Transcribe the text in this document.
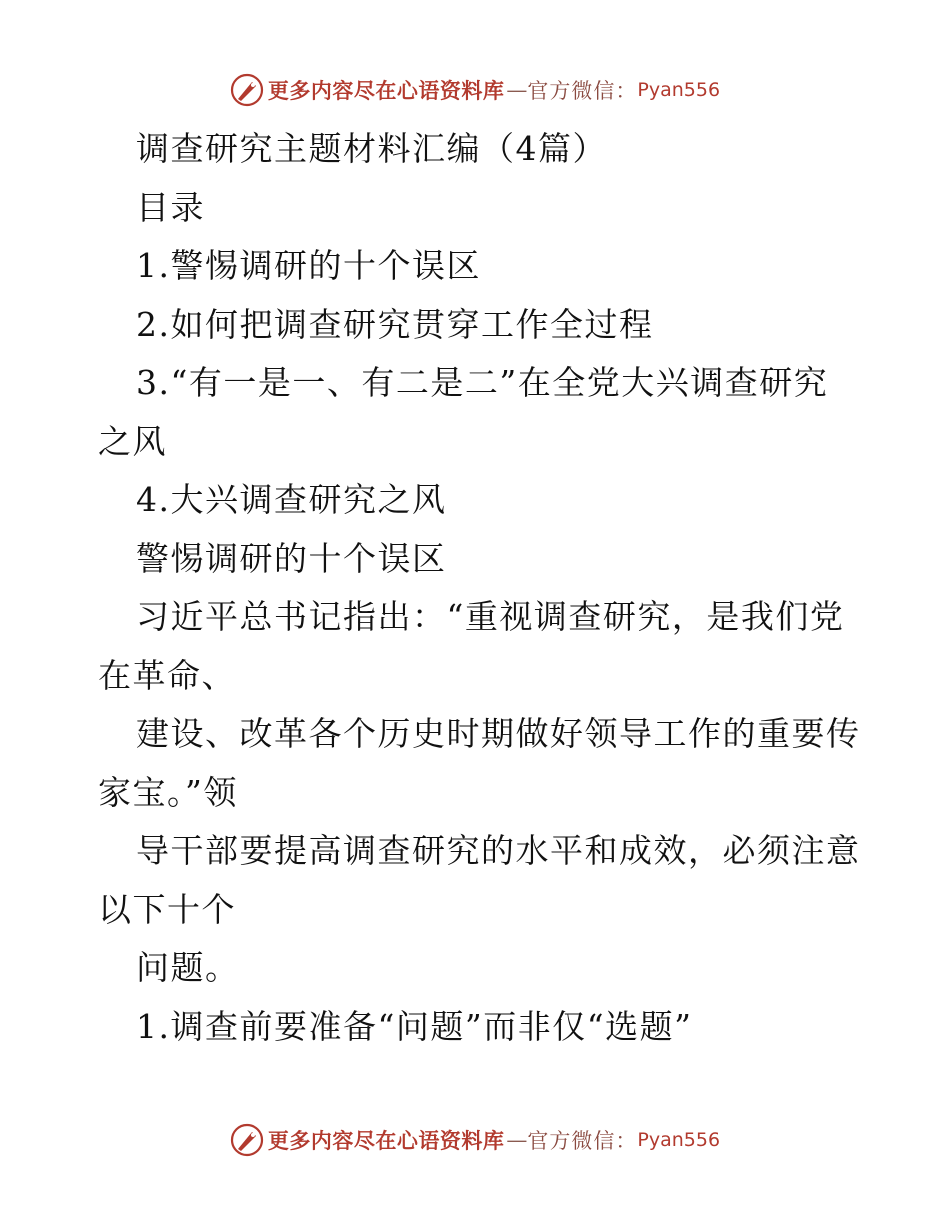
更多内容尽在心语资料库 — 官方微信： Pyan556
调查研究主题材料汇编（4篇）
目录
1.警惕调研的十个误区
2.如何把调查研究贯穿工作全过程
3.“有一是一、有二是二”在全党大兴调查研究
之风
4.大兴调查研究之风
警惕调研的十个误区
习近平总书记指出：“重视调查研究，是我们党
在革命、
建设、改革各个历史时期做好领导工作的重要传
家宝。”领
导干部要提高调查研究的水平和成效，必须注意
以下十个
问题。
1.调查前要准备“问题”而非仅“选题”
更多内容尽在心语资料库 — 官方微信： Pyan556
